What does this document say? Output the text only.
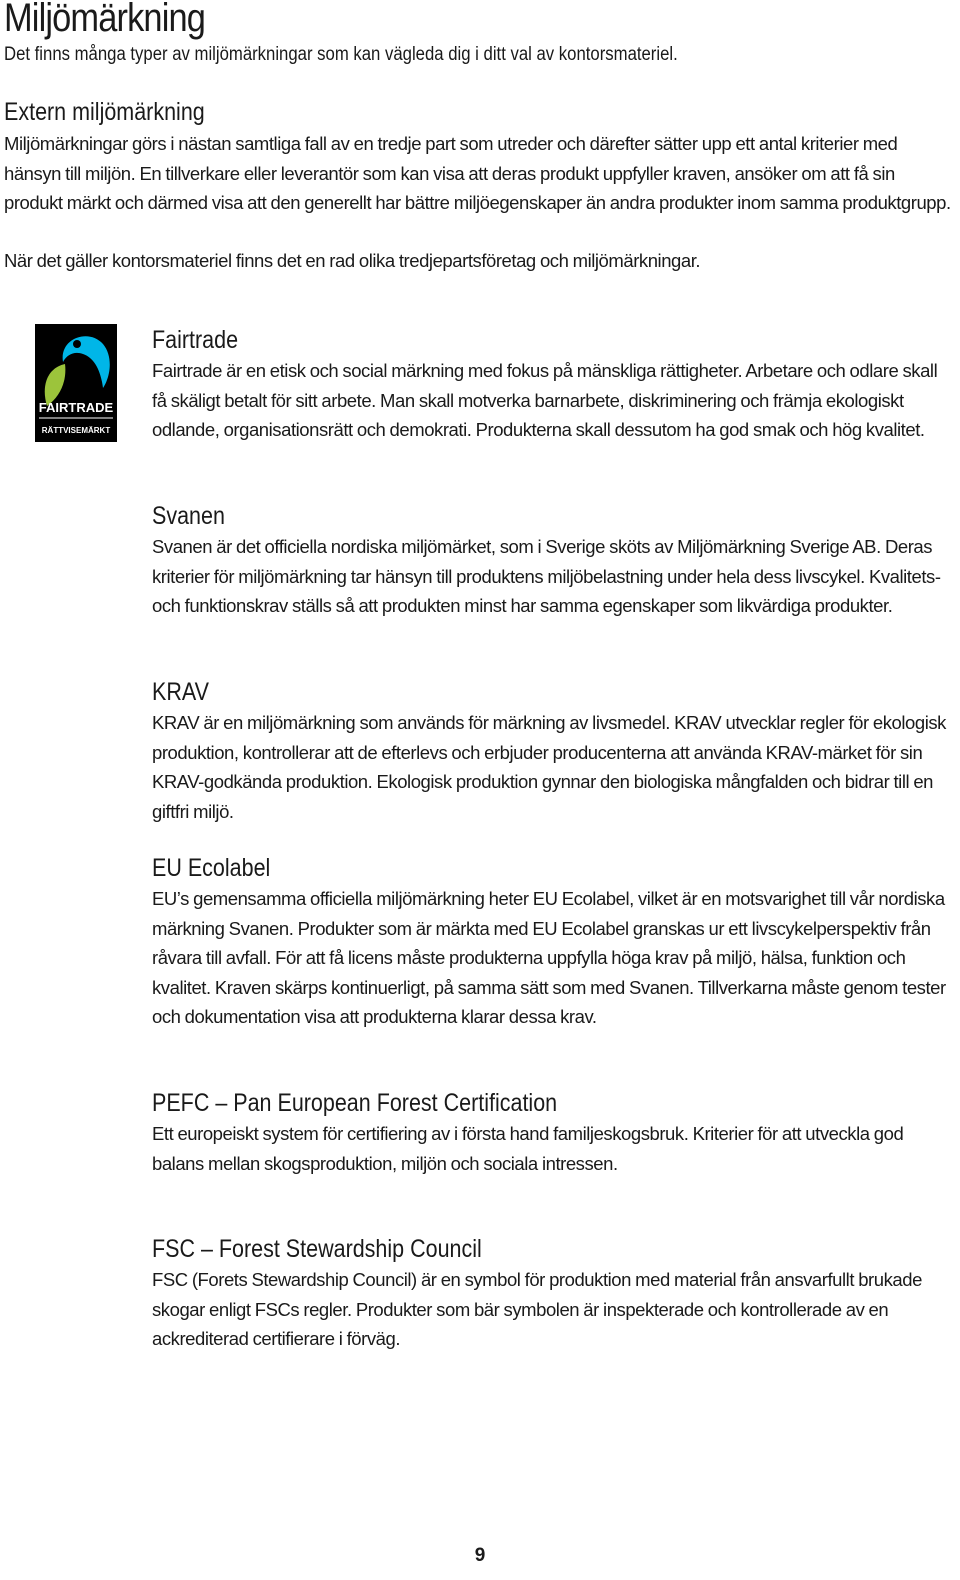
Miljömärkning
Det finns många typer av miljömärkningar som kan vägleda dig i ditt val av kontorsmateriel.
Extern miljömärkning

Miljömärkningar görs i nästan samtliga fall av en tredje part som utreder och därefter sätter upp ett antal kriterier med hänsyn till miljön. En tillverkare eller leverantör som kan visa att deras produkt uppfyller kraven, ansöker om att få sin produkt märkt och därmed visa att den generellt har bättre miljöegenskaper än andra produkter inom samma produktgrupp.

När det gäller kontorsmateriel finns det en rad olika tredjepartsföretag och miljömärkningar.

FAIRTRADE
RÄTTVISEMÄRKT
Fairtrade

Fairtrade är en etisk och social märkning med fokus på mänskliga rättigheter. Arbetare och odlare skall få skäligt betalt för sitt arbete. Man skall motverka barnarbete, diskriminering och främja ekologiskt odlande, organisationsrätt och demokrati. Produkterna skall dessutom ha god smak och hög kvalitet.

Svanen

Svanen är det officiella nordiska miljömärket, som i Sverige sköts av Miljömärkning Sverige AB. Deras kriterier för miljömärkning tar hänsyn till produktens miljöbelastning under hela dess livscykel. Kvalitets- och funktionskrav ställs så att produkten minst har samma egenskaper som likvärdiga produkter.

KRAV

KRAV är en miljömärkning som används för märkning av livsmedel. KRAV utvecklar regler för ekologisk produktion, kontrollerar att de efterlevs och erbjuder producenterna att använda KRAV-märket för sin KRAV-godkända produktion. Ekologisk produktion gynnar den biologiska mångfalden och bidrar till en giftfri miljö.

EU Ecolabel

EU’s gemensamma officiella miljömärkning heter EU Ecolabel, vilket är en motsvarighet till vår nordiska märkning Svanen. Produkter som är märkta med EU Ecolabel granskas ur ett livscykelperspektiv från råvara till avfall. För att få licens måste produkterna uppfylla höga krav på miljö, hälsa, funktion och kvalitet. Kraven skärps kontinuerligt, på samma sätt som med Svanen. Tillverkarna måste genom tester och dokumentation visa att produkterna klarar dessa krav.

PEFC – Pan European Forest Certification

Ett europeiskt system för certifiering av i första hand familjeskogsbruk. Kriterier för att utveckla god balans mellan skogsproduktion, miljön och sociala intressen.

FSC – Forest Stewardship Council

FSC (Forets Stewardship Council) är en symbol för produktion med material från ansvarfullt brukade skogar enligt FSCs regler. Produkter som bär symbolen är inspekterade och kontrollerade av en ackrediterad certifierare i förväg.

9
